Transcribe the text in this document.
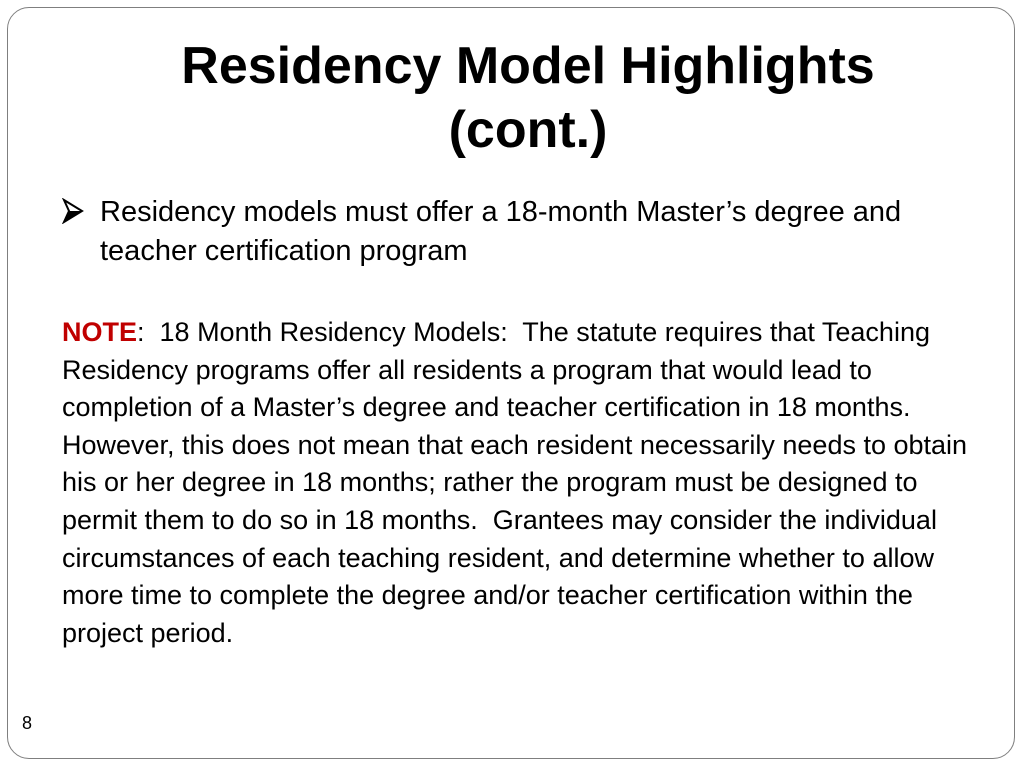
Residency Model Highlights
(cont.)
Residency models must offer a 18-month Master’s degree and teacher certification program

NOTE:  18 Month Residency Models:  The statute requires that Teaching Residency programs offer all residents a program that would lead to completion of a Master’s degree and teacher certification in 18 months.  However, this does not mean that each resident necessarily needs to obtain his or her degree in 18 months; rather the program must be designed to permit them to do so in 18 months.  Grantees may consider the individual circumstances of each teaching resident, and determine whether to allow more time to complete the degree and/or teacher certification within the project period.

8
